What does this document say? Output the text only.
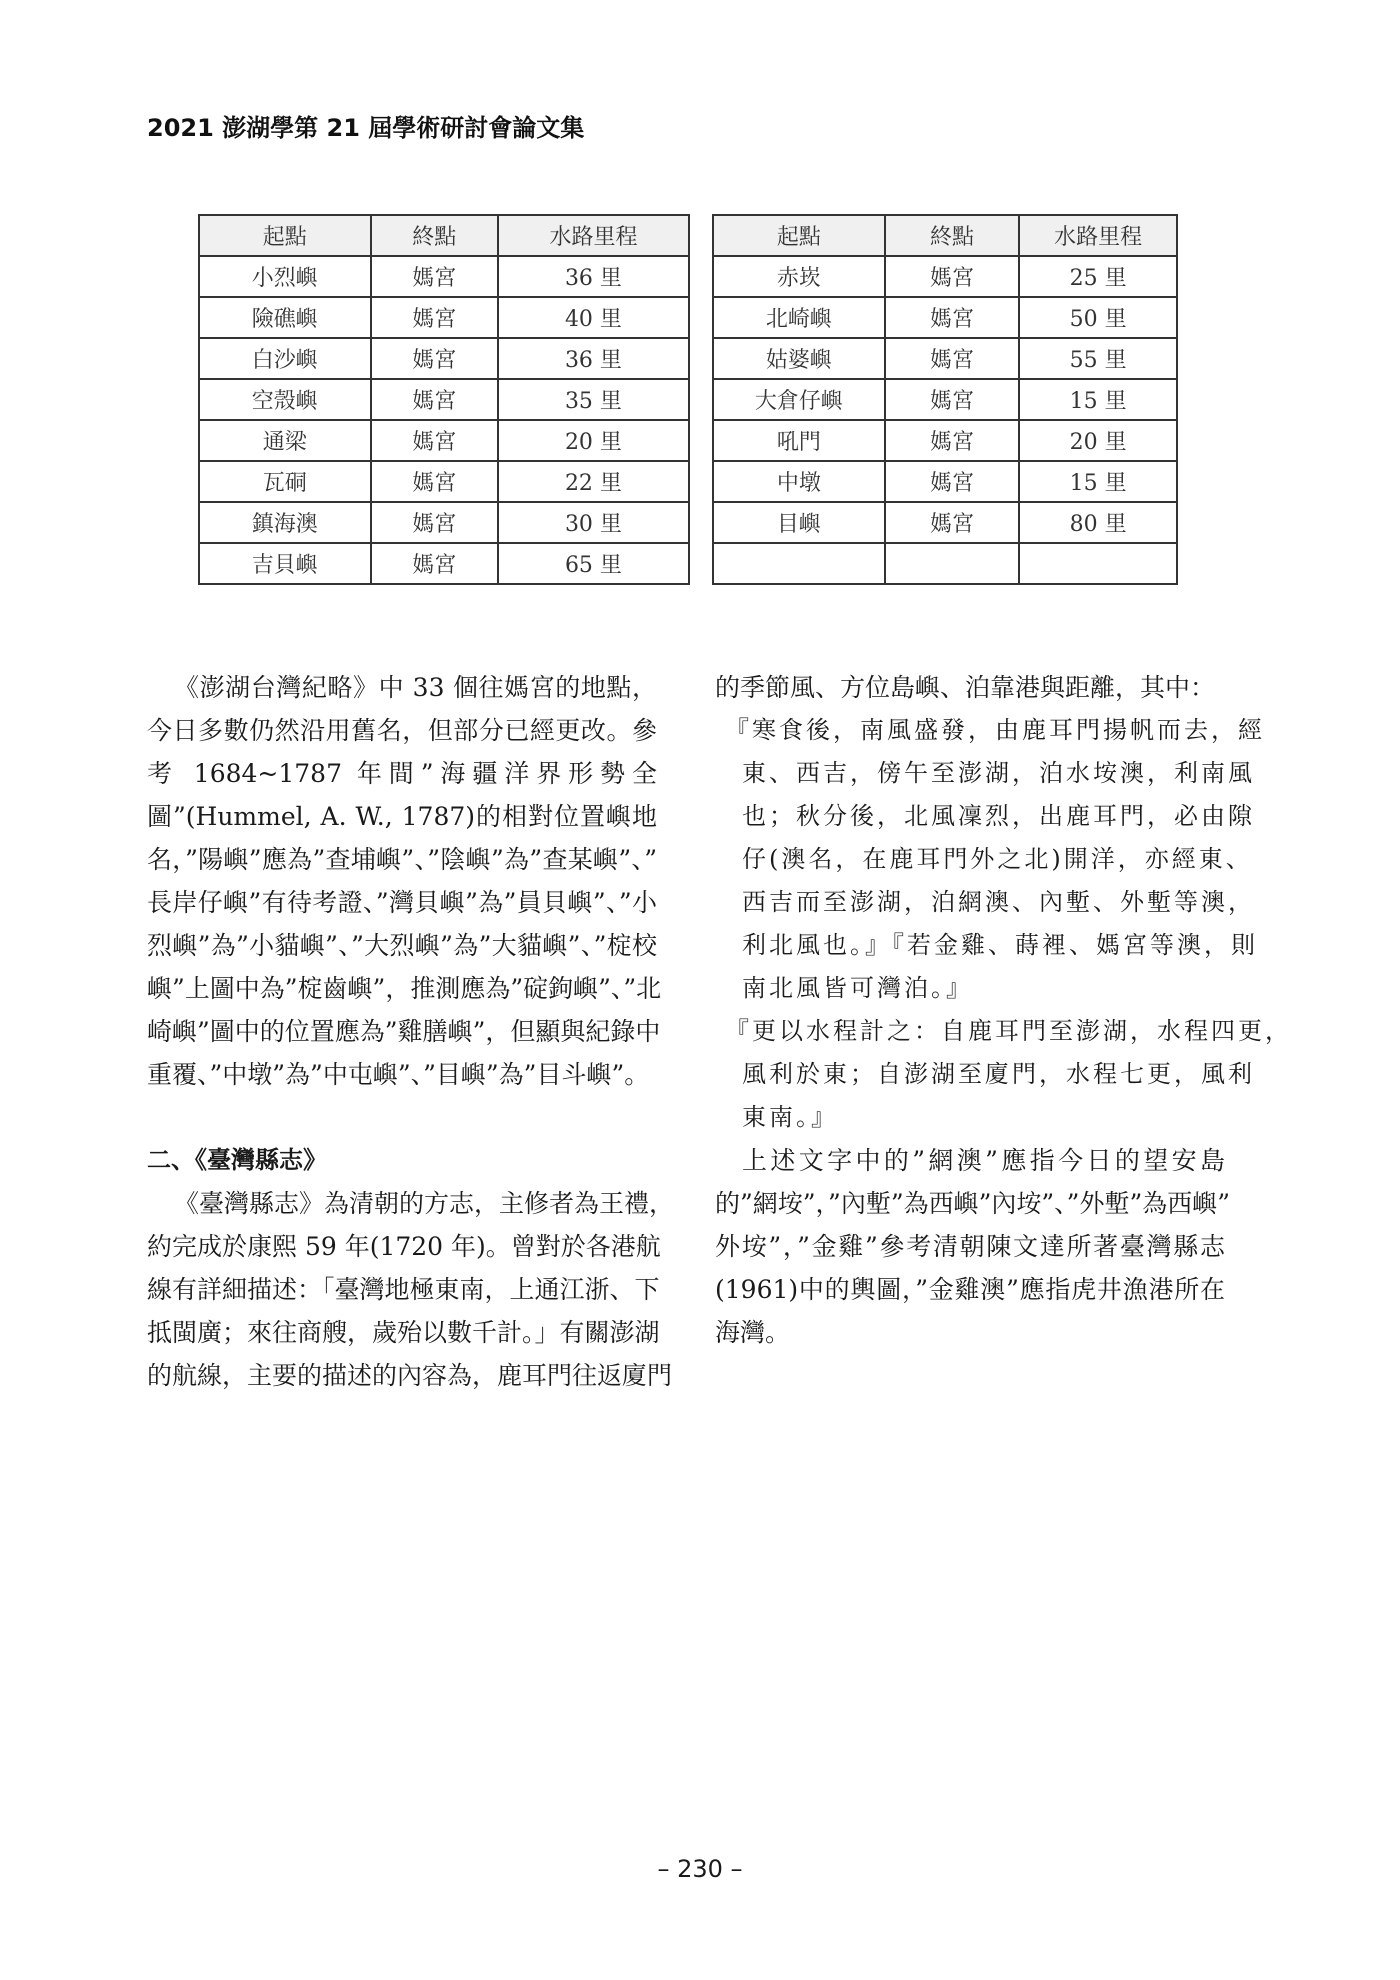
2021 澎湖學第 21 屆學術研討會論文集
起點	終點	水路里程
小烈嶼	媽宮	36 里
險礁嶼	媽宮	40 里
白沙嶼	媽宮	36 里
空殼嶼	媽宮	35 里
通梁	媽宮	20 里
瓦硐	媽宮	22 里
鎮海澳	媽宮	30 里
吉貝嶼	媽宮	65 里
起點	終點	水路里程
赤崁	媽宮	25 里
北崎嶼	媽宮	50 里
姑婆嶼	媽宮	55 里
大倉仔嶼	媽宮	15 里
吼門	媽宮	20 里
中墩	媽宮	15 里
目嶼	媽宮	80 里

《澎湖台灣紀略》中 33 個往媽宮的地點，
今日多數仍然沿用舊名，但部分已經更改。參
考 1684~1787 年間”海疆洋界形勢全
圖”(Hummel, A. W., 1787)的相對位置嶼地
名，”陽嶼”應為”查埔嶼”、”陰嶼”為”查某嶼”、”
長岸仔嶼”有待考證、”灣貝嶼”為”員貝嶼”、”小
烈嶼”為”小貓嶼”、”大烈嶼”為”大貓嶼”、”椗校
嶼”上圖中為”椗齒嶼”，推測應為”碇鉤嶼”、”北
崎嶼”圖中的位置應為”雞膳嶼”，但顯與紀錄中
重覆、”中墩”為”中屯嶼”、”目嶼”為”目斗嶼”。
二、《臺灣縣志》
《臺灣縣志》為清朝的方志，主修者為王禮，
約完成於康熙 59 年(1720 年)。曾對於各港航
線有詳細描述：「臺灣地極東南，上通江浙、下
抵閩廣；來往商艘，歲殆以數千計。」有關澎湖
的航線，主要的描述的內容為，鹿耳門往返廈門
的季節風、方位島嶼、泊靠港與距離，其中：
『寒食後，南風盛發，由鹿耳門揚帆而去，經
東、西吉，傍午至澎湖，泊水垵澳，利南風
也；秋分後，北風凜烈，出鹿耳門，必由隙
仔(澳名，在鹿耳門外之北)開洋，亦經東、
西吉而至澎湖，泊網澳、內塹、外塹等澳，
利北風也。』『若金雞、蒔裡、媽宮等澳，則
南北風皆可灣泊。』
『更以水程計之：自鹿耳門至澎湖，水程四更，
風利於東；自澎湖至廈門，水程七更，風利
東南。』
上述文字中的”網澳”應指今日的望安島
的”網垵”，”內塹”為西嶼”內垵”、”外塹”為西嶼”
外垵”，”金雞”參考清朝陳文達所著臺灣縣志
(1961)中的輿圖，”金雞澳”應指虎井漁港所在
海灣。
– 230 –
